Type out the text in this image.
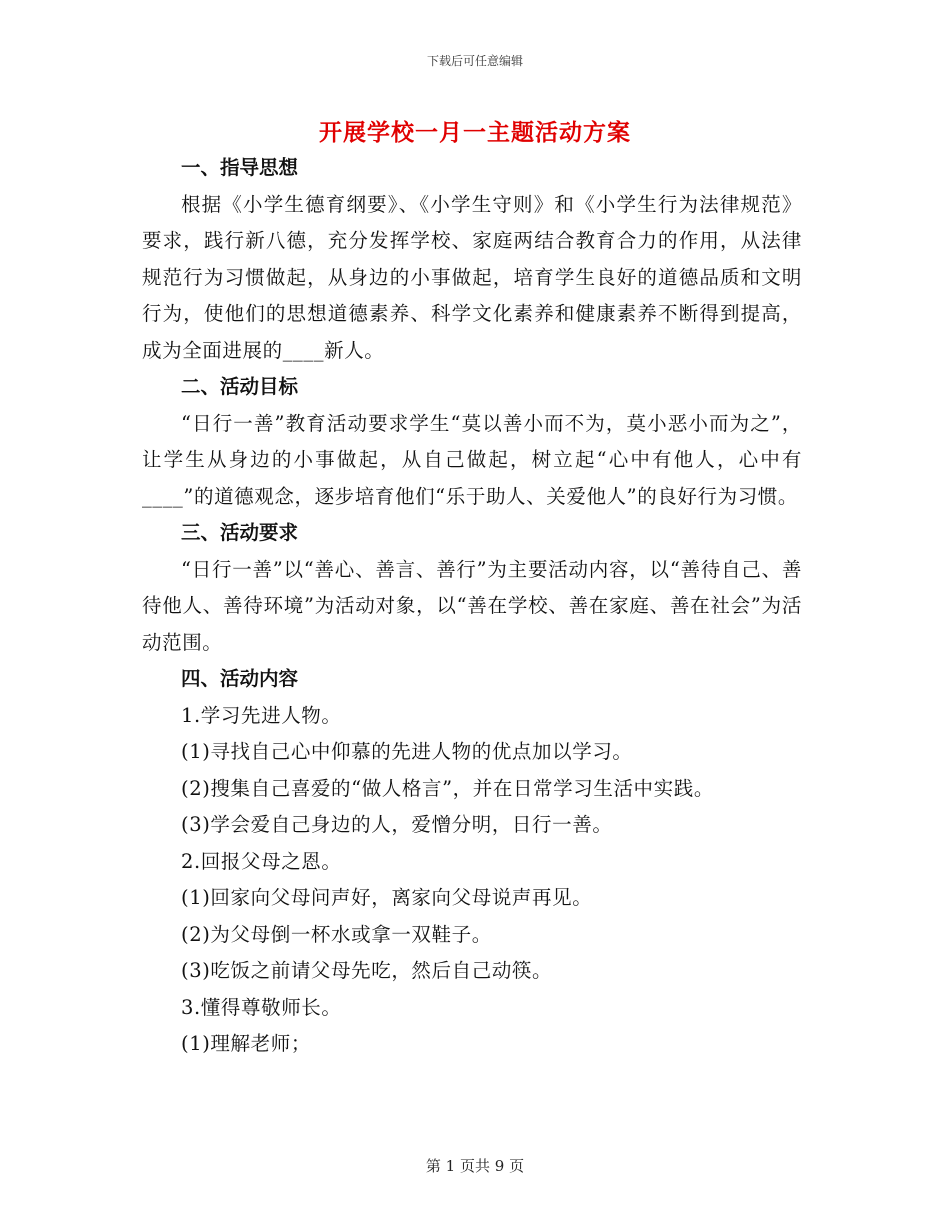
下载后可任意编辑
开展学校一月一主题活动方案

一、指导思想

根据《小学生德育纲要》、《小学生守则》和《小学生行为法律规范》要求，践行新八德，充分发挥学校、家庭两结合教育合力的作用，从法律规范行为习惯做起，从身边的小事做起，培育学生良好的道德品质和文明行为，使他们的思想道德素养、科学文化素养和健康素养不断得到提高，成为全面进展的____新人。

二、活动目标

“日行一善”教育活动要求学生“莫以善小而不为，莫小恶小而为之”，让学生从身边的小事做起，从自己做起，树立起“心中有他人，心中有____”的道德观念，逐步培育他们“乐于助人、关爱他人”的良好行为习惯。

三、活动要求

“日行一善”以“善心、善言、善行”为主要活动内容，以“善待自己、善待他人、善待环境”为活动对象，以“善在学校、善在家庭、善在社会”为活动范围。

四、活动内容

1.学习先进人物。

(1)寻找自己心中仰慕的先进人物的优点加以学习。

(2)搜集自己喜爱的“做人格言”，并在日常学习生活中实践。

(3)学会爱自己身边的人，爱憎分明，日行一善。

2.回报父母之恩。

(1)回家向父母问声好，离家向父母说声再见。

(2)为父母倒一杯水或拿一双鞋子。

(3)吃饭之前请父母先吃，然后自己动筷。

3.懂得尊敬师长。

(1)理解老师；

第 1 页共 9 页
